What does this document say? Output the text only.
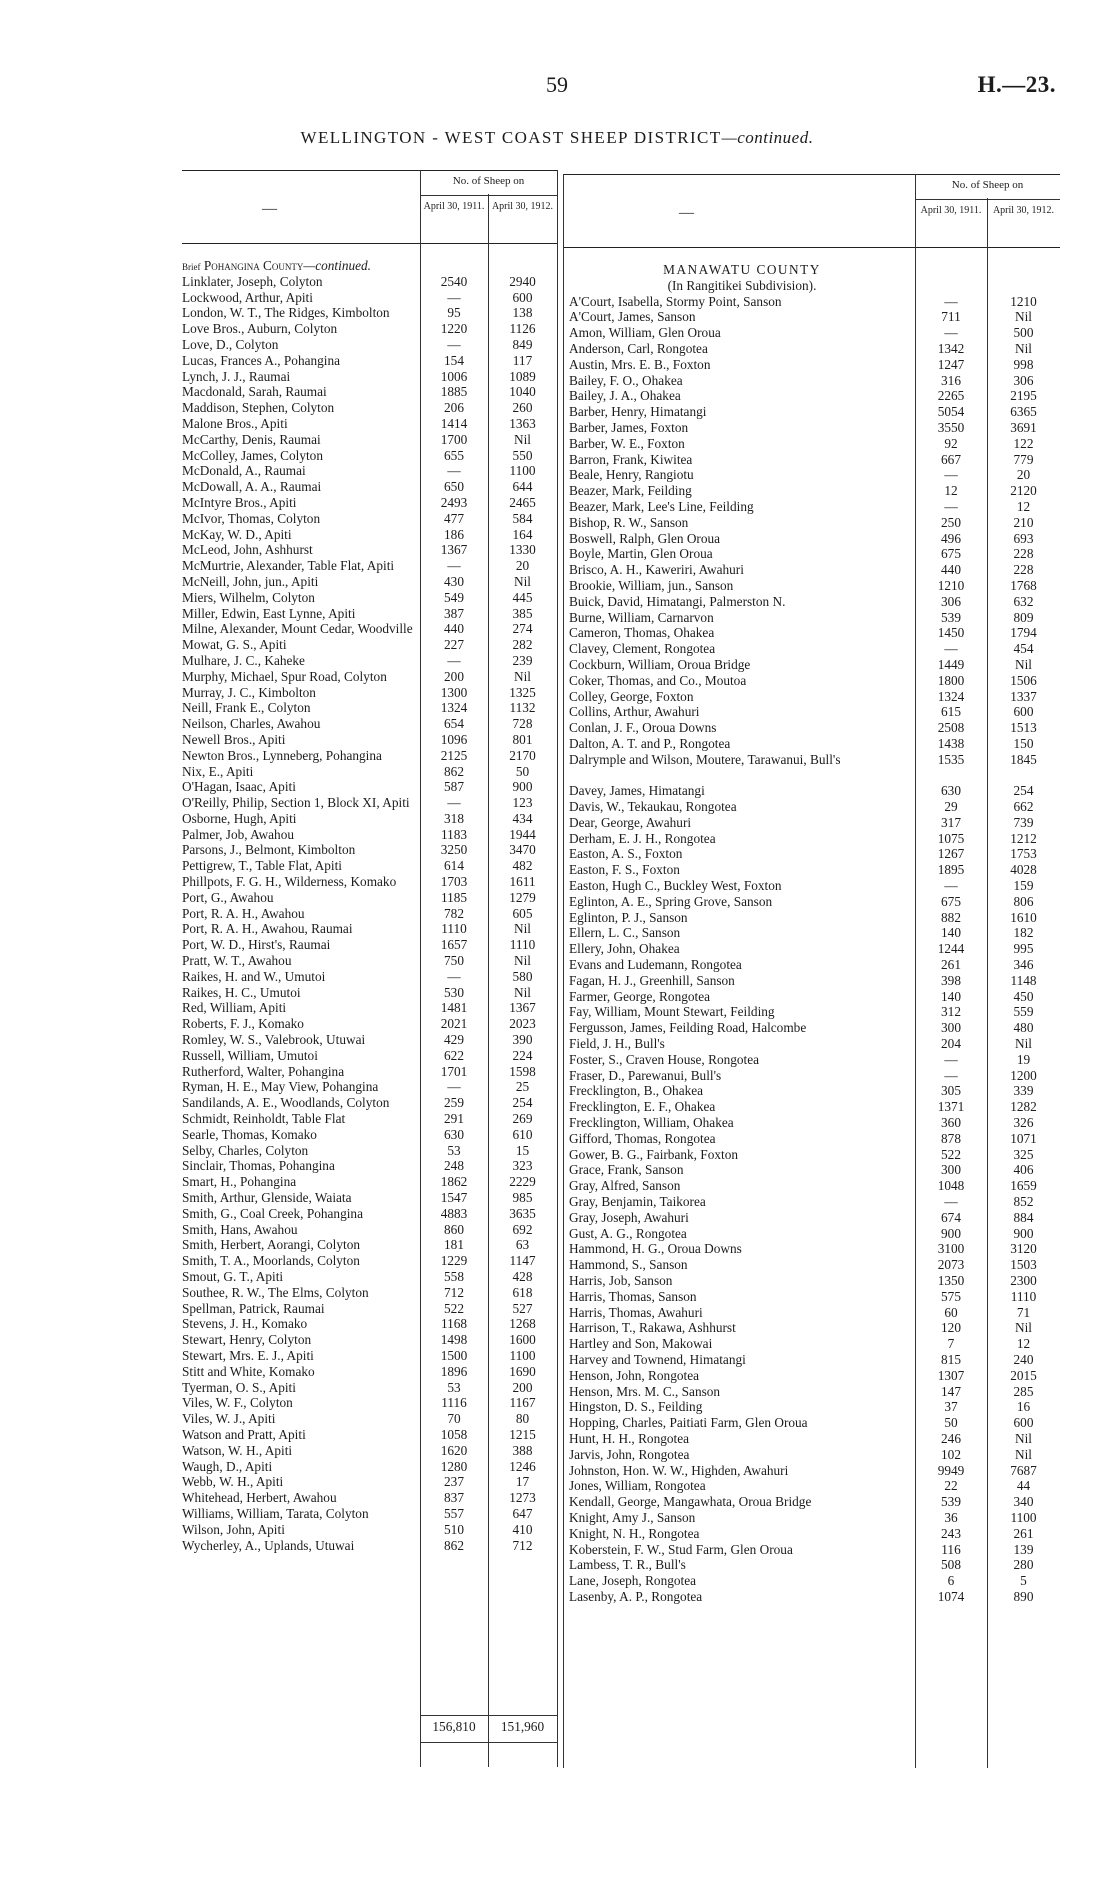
59	H.—23.
WELLINGTON - WEST COAST SHEEP DISTRICT—continued.
—
No. of Sheep on
April 30, 1911. April 30, 1912.
Brief Pohangina County—continued.
Linklater, Joseph, Colyton	2540	2940
Lockwood, Arthur, Apiti	—	600
London, W. T., The Ridges, Kimbolton	95	138
Love Bros., Auburn, Colyton	1220	1126
Love, D., Colyton	—	849
Lucas, Frances A., Pohangina	154	117
Lynch, J. J., Raumai	1006	1089
Macdonald, Sarah, Raumai	1885	1040
Maddison, Stephen, Colyton	206	260
Malone Bros., Apiti	1414	1363
McCarthy, Denis, Raumai	1700	Nil
McColley, James, Colyton	655	550
McDonald, A., Raumai	—	1100
McDowall, A. A., Raumai	650	644
McIntyre Bros., Apiti	2493	2465
McIvor, Thomas, Colyton	477	584
McKay, W. D., Apiti	186	164
McLeod, John, Ashhurst	1367	1330
McMurtrie, Alexander, Table Flat, Apiti	—	20
McNeill, John, jun., Apiti	430	Nil
Miers, Wilhelm, Colyton	549	445
Miller, Edwin, East Lynne, Apiti	387	385
Milne, Alexander, Mount Cedar, Woodville	440	274
Mowat, G. S., Apiti	227	282
Mulhare, J. C., Kaheke	—	239
Murphy, Michael, Spur Road, Colyton	200	Nil
Murray, J. C., Kimbolton	1300	1325
Neill, Frank E., Colyton	1324	1132
Neilson, Charles, Awahou	654	728
Newell Bros., Apiti	1096	801
Newton Bros., Lynneberg, Pohangina	2125	2170
Nix, E., Apiti	862	50
O'Hagan, Isaac, Apiti	587	900
O'Reilly, Philip, Section 1, Block XI, Apiti	—	123
Osborne, Hugh, Apiti	318	434
Palmer, Job, Awahou	1183	1944
Parsons, J., Belmont, Kimbolton	3250	3470
Pettigrew, T., Table Flat, Apiti	614	482
Phillpots, F. G. H., Wilderness, Komako	1703	1611
Port, G., Awahou	1185	1279
Port, R. A. H., Awahou	782	605
Port, R. A. H., Awahou, Raumai	1110	Nil
Port, W. D., Hirst's, Raumai	1657	1110
Pratt, W. T., Awahou	750	Nil
Raikes, H. and W., Umutoi	—	580
Raikes, H. C., Umutoi	530	Nil
Red, William, Apiti	1481	1367
Roberts, F. J., Komako	2021	2023
Romley, W. S., Valebrook, Utuwai	429	390
Russell, William, Umutoi	622	224
Rutherford, Walter, Pohangina	1701	1598
Ryman, H. E., May View, Pohangina	—	25
Sandilands, A. E., Woodlands, Colyton	259	254
Schmidt, Reinholdt, Table Flat	291	269
Searle, Thomas, Komako	630	610
Selby, Charles, Colyton	53	15
Sinclair, Thomas, Pohangina	248	323
Smart, H., Pohangina	1862	2229
Smith, Arthur, Glenside, Waiata	1547	985
Smith, G., Coal Creek, Pohangina	4883	3635
Smith, Hans, Awahou	860	692
Smith, Herbert, Aorangi, Colyton	181	63
Smith, T. A., Moorlands, Colyton	1229	1147
Smout, G. T., Apiti	558	428
Southee, R. W., The Elms, Colyton	712	618
Spellman, Patrick, Raumai	522	527
Stevens, J. H., Komako	1168	1268
Stewart, Henry, Colyton	1498	1600
Stewart, Mrs. E. J., Apiti	1500	1100
Stitt and White, Komako	1896	1690
Tyerman, O. S., Apiti	53	200
Viles, W. F., Colyton	1116	1167
Viles, W. J., Apiti	70	80
Watson and Pratt, Apiti	1058	1215
Watson, W. H., Apiti	1620	388
Waugh, D., Apiti	1280	1246
Webb, W. H., Apiti	237	17
Whitehead, Herbert, Awahou	837	1273
Williams, William, Tarata, Colyton	557	647
Wilson, John, Apiti	510	410
Wycherley, A., Uplands, Utuwai	862	712
156,810	151,960
—
No. of Sheep on
April 30, 1911.	April 30, 1912.
MANAWATU COUNTY
(In Rangitikei Subdivision).
A'Court, Isabella, Stormy Point, Sanson	—	1210
A'Court, James, Sanson	711	Nil
Amon, William, Glen Oroua	—	500
Anderson, Carl, Rongotea	1342	Nil
Austin, Mrs. E. B., Foxton	1247	998
Bailey, F. O., Ohakea	316	306
Bailey, J. A., Ohakea	2265	2195
Barber, Henry, Himatangi	5054	6365
Barber, James, Foxton	3550	3691
Barber, W. E., Foxton	92	122
Barron, Frank, Kiwitea	667	779
Beale, Henry, Rangiotu	—	20
Beazer, Mark, Feilding	12	2120
Beazer, Mark, Lee's Line, Feilding	—	12
Bishop, R. W., Sanson	250	210
Boswell, Ralph, Glen Oroua	496	693
Boyle, Martin, Glen Oroua	675	228
Brisco, A. H., Kaweriri, Awahuri	440	228
Brookie, William, jun., Sanson	1210	1768
Buick, David, Himatangi, Palmerston N.	306	632
Burne, William, Carnarvon	539	809
Cameron, Thomas, Ohakea	1450	1794
Clavey, Clement, Rongotea	—	454
Cockburn, William, Oroua Bridge	1449	Nil
Coker, Thomas, and Co., Moutoa	1800	1506
Colley, George, Foxton	1324	1337
Collins, Arthur, Awahuri	615	600
Conlan, J. F., Oroua Downs	2508	1513
Dalton, A. T. and P., Rongotea	1438	150
Dalrymple and Wilson, Moutere, Tarawanui, Bull's	1535	1845
Davey, James, Himatangi	630	254
Davis, W., Tekaukau, Rongotea	29	662
Dear, George, Awahuri	317	739
Derham, E. J. H., Rongotea	1075	1212
Easton, A. S., Foxton	1267	1753
Easton, F. S., Foxton	1895	4028
Easton, Hugh C., Buckley West, Foxton	—	159
Eglinton, A. E., Spring Grove, Sanson	675	806
Eglinton, P. J., Sanson	882	1610
Ellern, L. C., Sanson	140	182
Ellery, John, Ohakea	1244	995
Evans and Ludemann, Rongotea	261	346
Fagan, H. J., Greenhill, Sanson	398	1148
Farmer, George, Rongotea	140	450
Fay, William, Mount Stewart, Feilding	312	559
Fergusson, James, Feilding Road, Halcombe	300	480
Field, J. H., Bull's	204	Nil
Foster, S., Craven House, Rongotea	—	19
Fraser, D., Parewanui, Bull's	—	1200
Frecklington, B., Ohakea	305	339
Frecklington, E. F., Ohakea	1371	1282
Frecklington, William, Ohakea	360	326
Gifford, Thomas, Rongotea	878	1071
Gower, B. G., Fairbank, Foxton	522	325
Grace, Frank, Sanson	300	406
Gray, Alfred, Sanson	1048	1659
Gray, Benjamin, Taikorea	—	852
Gray, Joseph, Awahuri	674	884
Gust, A. G., Rongotea	900	900
Hammond, H. G., Oroua Downs	3100	3120
Hammond, S., Sanson	2073	1503
Harris, Job, Sanson	1350	2300
Harris, Thomas, Sanson	575	1110
Harris, Thomas, Awahuri	60	71
Harrison, T., Rakawa, Ashhurst	120	Nil
Hartley and Son, Makowai	7	12
Harvey and Townend, Himatangi	815	240
Henson, John, Rongotea	1307	2015
Henson, Mrs. M. C., Sanson	147	285
Hingston, D. S., Feilding	37	16
Hopping, Charles, Paitiati Farm, Glen Oroua	50	600
Hunt, H. H., Rongotea	246	Nil
Jarvis, John, Rongotea	102	Nil
Johnston, Hon. W. W., Highden, Awahuri	9949	7687
Jones, William, Rongotea	22	44
Kendall, George, Mangawhata, Oroua Bridge	539	340
Knight, Amy J., Sanson	36	1100
Knight, N. H., Rongotea	243	261
Koberstein, F. W., Stud Farm, Glen Oroua	116	139
Lambess, T. R., Bull's	508	280
Lane, Joseph, Rongotea	6	5
Lasenby, A. P., Rongotea	1074	890
